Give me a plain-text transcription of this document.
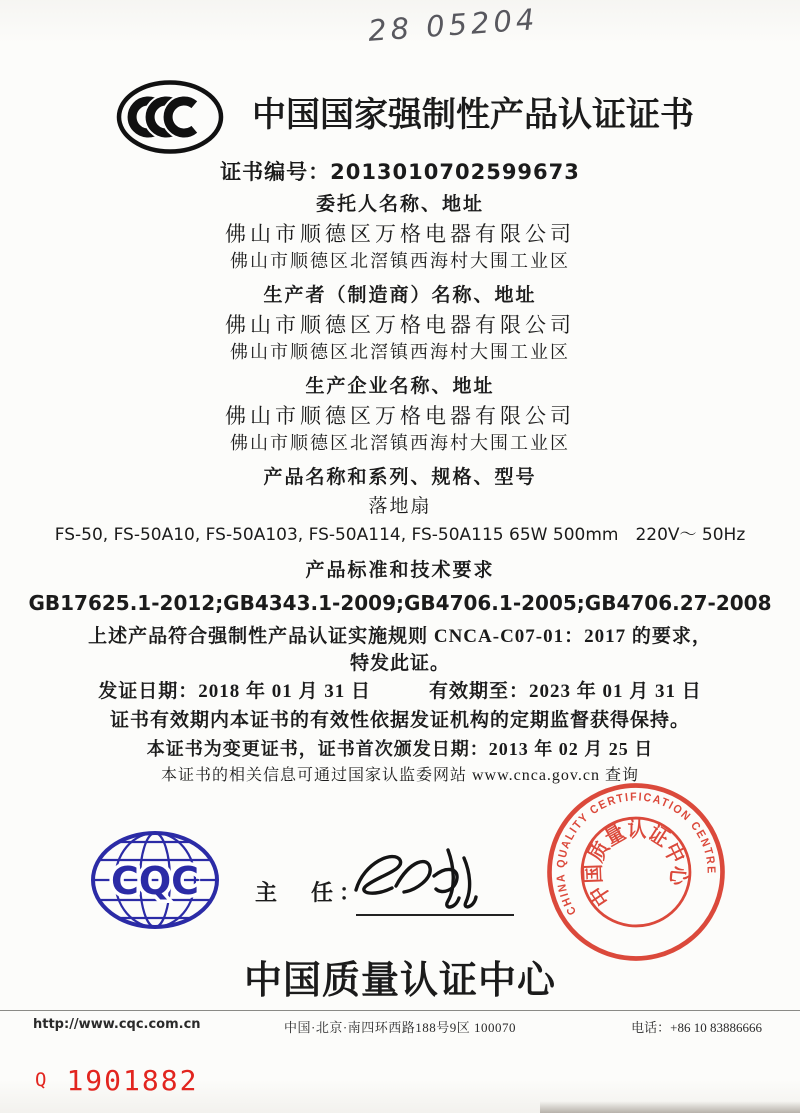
28 05204
中国国家强制性产品认证证书
证书编号：2013010702599673
委托人名称、地址
佛山市顺德区万格电器有限公司
佛山市顺德区北滘镇西海村大围工业区
生产者（制造商）名称、地址
佛山市顺德区万格电器有限公司
佛山市顺德区北滘镇西海村大围工业区
生产企业名称、地址
佛山市顺德区万格电器有限公司
佛山市顺德区北滘镇西海村大围工业区
产品名称和系列、规格、型号
落地扇
FS-50, FS-50A10, FS-50A103, FS-50A114, FS-50A115 65W 500mm　220V～ 50Hz
产品标准和技术要求
GB17625.1-2012;GB4343.1-2009;GB4706.1-2005;GB4706.27-2008
上述产品符合强制性产品认证实施规则 CNCA-C07-01：2017 的要求，
特发此证。
发证日期：2018 年 01 月 31 日	有效期至：2023 年 01 月 31 日
证书有效期内本证书的有效性依据发证机构的定期监督获得保持。
本证书为变更证书，证书首次颁发日期：2013 年 02 月 25 日
本证书的相关信息可通过国家认监委网站 www.cnca.gov.cn 查询
CQC	主　任：
CHINA QUALITY CERTIFICATION CENTRE
中国质量认证中心
中国质量认证中心
http://www.cqc.com.cn	中国·北京·南四环西路188号9区 100070	电话：+86 10 83886666
Q 1901882
